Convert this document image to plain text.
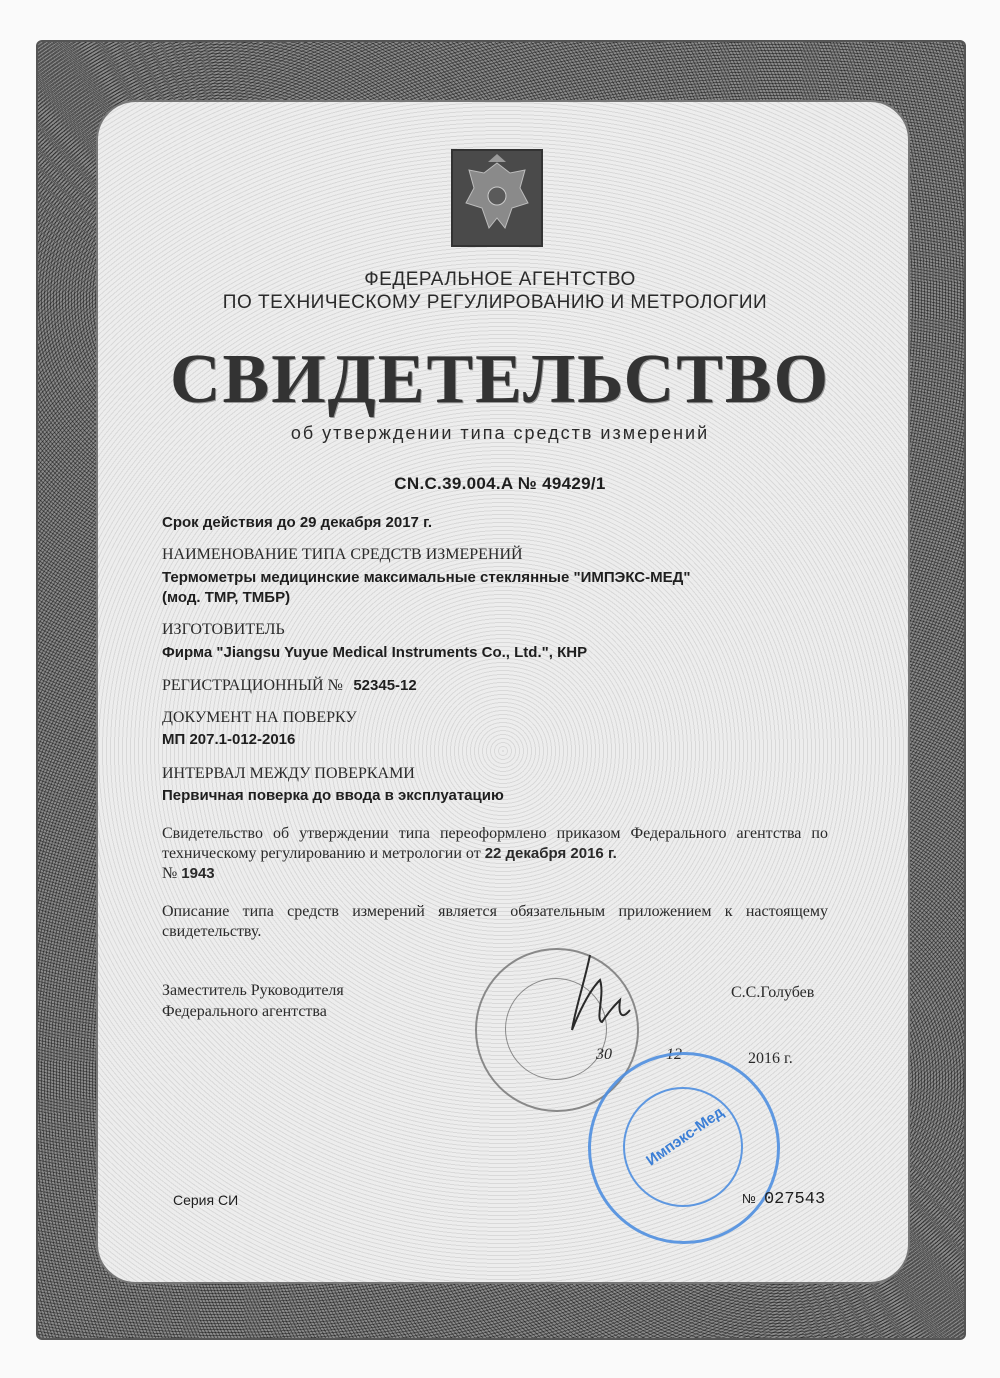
ФЕДЕРАЛЬНОЕ АГЕНТСТВО
ПО ТЕХНИЧЕСКОМУ РЕГУЛИРОВАНИЮ И МЕТРОЛОГИИ
СВИДЕТЕЛЬСТВО
об утверждении типа средств измерений
CN.C.39.004.A № 49429/1
Срок действия до 29 декабря 2017 г.
НАИМЕНОВАНИЕ ТИПА СРЕДСТВ ИЗМЕРЕНИЙ
Термометры медицинские максимальные стеклянные "ИМПЭКС-МЕД"
(мод. ТМР, ТМБР)
ИЗГОТОВИТЕЛЬ
Фирма "Jiangsu Yuyue Medical Instruments Co., Ltd.", КНР
РЕГИСТРАЦИОННЫЙ № 52345-12
ДОКУМЕНТ НА ПОВЕРКУ
МП 207.1-012-2016
ИНТЕРВАЛ МЕЖДУ ПОВЕРКАМИ
Первичная поверка до ввода в эксплуатацию
Свидетельство об утверждении типа переоформлено приказом Федерального агентства по техническому регулированию и метрологии от 22 декабря 2016 г.
№ 1943
Описание типа средств измерений является обязательным приложением к настоящему свидетельству.
Заместитель Руководителя
Федерального агентства
С.С.Голубев
30	12	2016 г.
Импэкс-Мед
Серия СИ	№ 027543
